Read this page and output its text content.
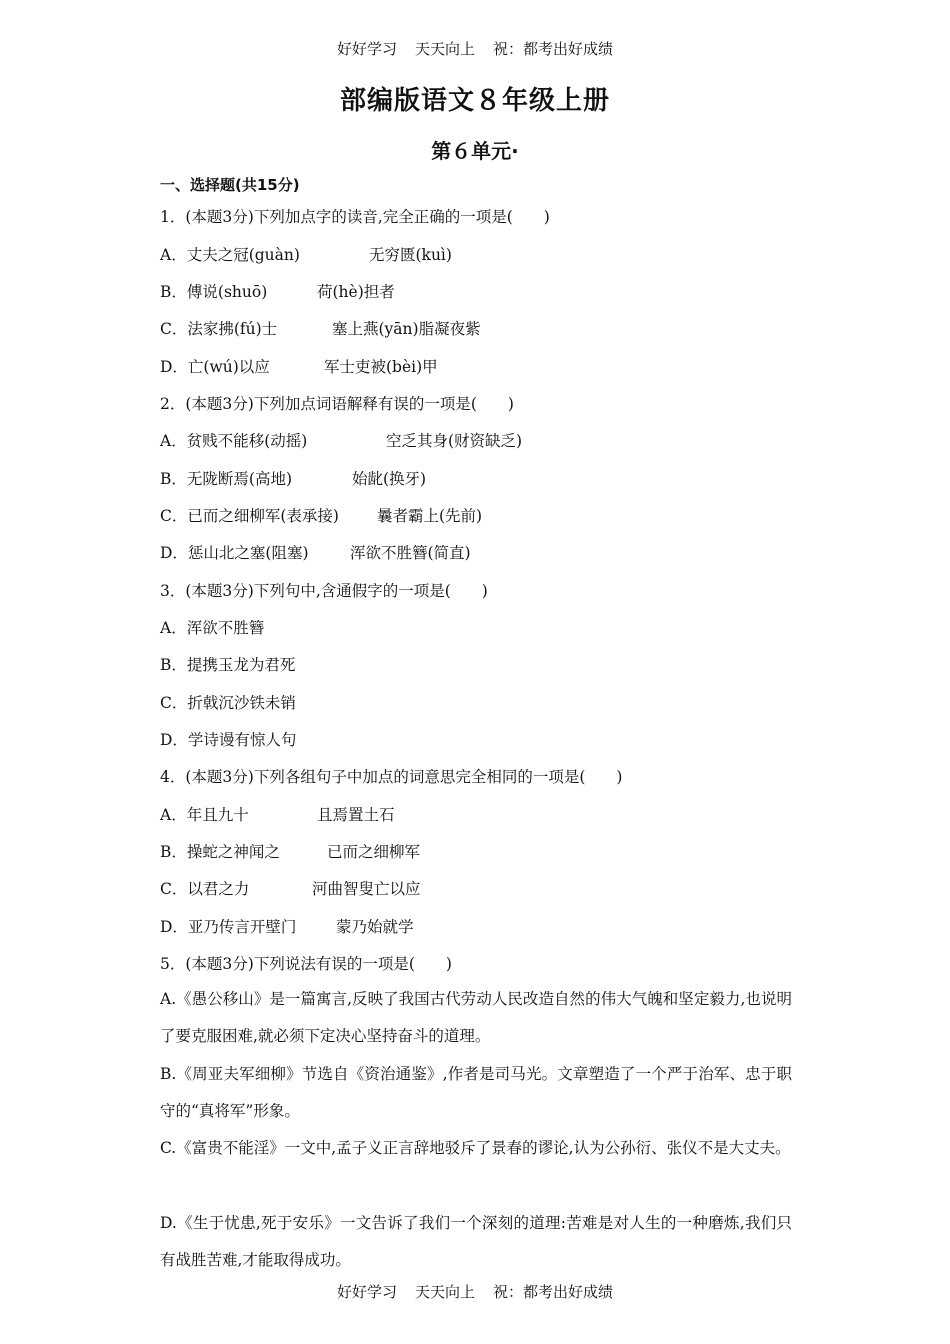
好好学习 天天向上 祝：都考出好成绩
部编版语文８年级上册
第６单元·
一、选择题(共15分)
1．(本题3分)下列加点字的读音,完全正确的一项是(　　)
A．丈夫之冠(guàn)	无穷匮(kuì)
B．傅说(shuō)	荷(hè)担者
C．法家拂(fú)士	塞上燕(yān)脂凝夜紫
D．亡(wú)以应	军士吏被(bèi)甲
2．(本题3分)下列加点词语解释有误的一项是(　　)
A．贫贱不能移(动摇)	空乏其身(财资缺乏)
B．无陇断焉(高地)	始龀(换牙)
C．已而之细柳军(表承接) 曩者霸上(先前)
D．惩山北之塞(阻塞)	浑欲不胜簪(简直)
3．(本题3分)下列句中,含通假字的一项是(　　)
A．浑欲不胜簪
B．提携玉龙为君死
C．折戟沉沙铁未销
D．学诗谩有惊人句
4．(本题3分)下列各组句子中加点的词意思完全相同的一项是(　　)
A．年且九十	且焉置土石
B．操蛇之神闻之	已而之细柳军
C．以君之力	河曲智叟亡以应
D．亚乃传言开壁门	蒙乃始就学
5．(本题3分)下列说法有误的一项是(　　)
A.《愚公移山》是一篇寓言,反映了我国古代劳动人民改造自然的伟大气魄和坚定毅力,也说明了要克服困难,就必须下定决心坚持奋斗的道理。
B.《周亚夫军细柳》节选自《资治通鉴》,作者是司马光。文章塑造了一个严于治军、忠于职守的“真将军”形象。
C.《富贵不能淫》一文中,孟子义正言辞地驳斥了景春的谬论,认为公孙衍、张仪不是大丈夫。
D.《生于忧患,死于安乐》一文告诉了我们一个深刻的道理:苦难是对人生的一种磨炼,我们只有战胜苦难,才能取得成功。
好好学习 天天向上 祝：都考出好成绩
